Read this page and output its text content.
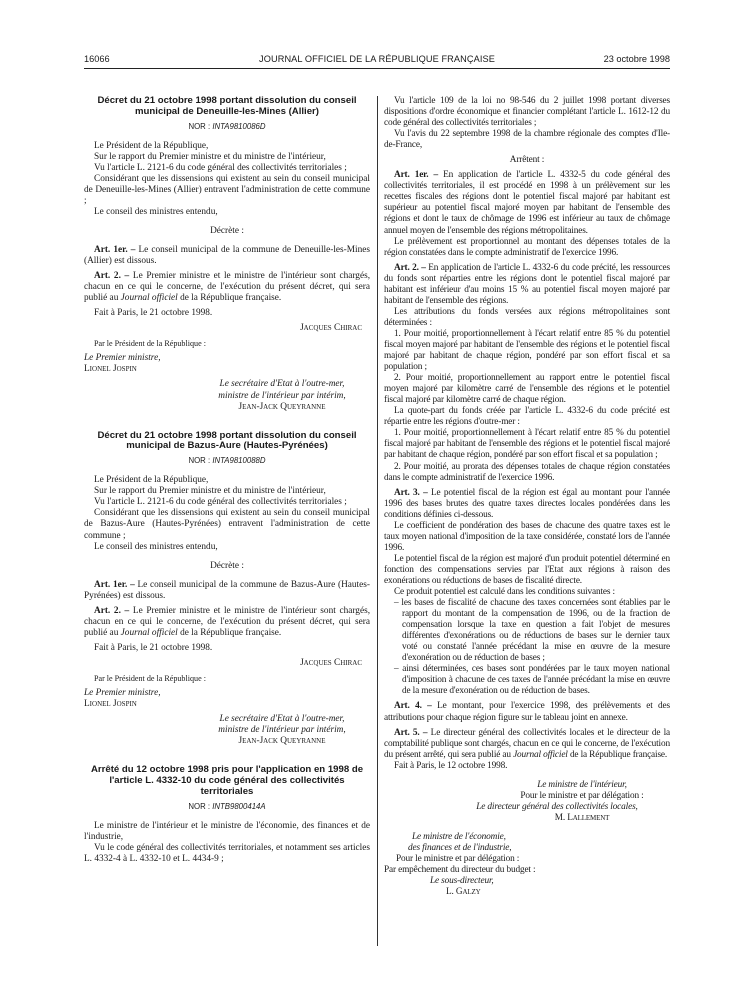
16066	JOURNAL OFFICIEL DE LA RÉPUBLIQUE FRANÇAISE	23 octobre 1998

Décret du 21 octobre 1998 portant dissolution du conseil municipal de Deneuille-les-Mines (Allier)

NOR : INTA9810086D

Le Président de la République,

Sur le rapport du Premier ministre et du ministre de l'intérieur,

Vu l'article L. 2121-6 du code général des collectivités territoriales ;

Considérant que les dissensions qui existent au sein du conseil municipal de Deneuille-les-Mines (Allier) entravent l'administration de cette commune ;

Le conseil des ministres entendu,

Décrète :

Art. 1er. – Le conseil municipal de la commune de Deneuille-les-Mines (Allier) est dissous.

Art. 2. – Le Premier ministre et le ministre de l'intérieur sont chargés, chacun en ce qui le concerne, de l'exécution du présent décret, qui sera publié au Journal officiel de la République française.

Fait à Paris, le 21 octobre 1998.

Jacques Chirac

Par le Président de la République :

Le Premier ministre,

Lionel Jospin

Le secrétaire d'Etat à l'outre-mer,

ministre de l'intérieur par intérim,

Jean-Jack Queyranne

Décret du 21 octobre 1998 portant dissolution du conseil municipal de Bazus-Aure (Hautes-Pyrénées)

NOR : INTA9810088D

Le Président de la République,

Sur le rapport du Premier ministre et du ministre de l'intérieur,

Vu l'article L. 2121-6 du code général des collectivités territoriales ;

Considérant que les dissensions qui existent au sein du conseil municipal de Bazus-Aure (Hautes-Pyrénées) entravent l'administration de cette commune ;

Le conseil des ministres entendu,

Décrète :

Art. 1er. – Le conseil municipal de la commune de Bazus-Aure (Hautes-Pyrénées) est dissous.

Art. 2. – Le Premier ministre et le ministre de l'intérieur sont chargés, chacun en ce qui le concerne, de l'exécution du présent décret, qui sera publié au Journal officiel de la République française.

Fait à Paris, le 21 octobre 1998.

Jacques Chirac

Par le Président de la République :

Le Premier ministre,

Lionel Jospin

Le secrétaire d'Etat à l'outre-mer,

ministre de l'intérieur par intérim,

Jean-Jack Queyranne

Arrêté du 12 octobre 1998 pris pour l'application en 1998 de l'article L. 4332-10 du code général des collectivités territoriales

NOR : INTB9800414A

Le ministre de l'intérieur et le ministre de l'économie, des finances et de l'industrie,

Vu le code général des collectivités territoriales, et notamment ses articles L. 4332-4 à L. 4332-10 et L. 4434-9 ;

Vu l'article 109 de la loi no 98-546 du 2 juillet 1998 portant diverses dispositions d'ordre économique et financier complétant l'article L. 1612-12 du code général des collectivités territoriales ;

Vu l'avis du 22 septembre 1998 de la chambre régionale des comptes d'Ile-de-France,

Arrêtent :

Art. 1er. – En application de l'article L. 4332-5 du code général des collectivités territoriales, il est procédé en 1998 à un prélèvement sur les recettes fiscales des régions dont le potentiel fiscal majoré par habitant est supérieur au potentiel fiscal majoré moyen par habitant de l'ensemble des régions et dont le taux de chômage de 1996 est inférieur au taux de chômage annuel moyen de l'ensemble des régions métropolitaines.

Le prélèvement est proportionnel au montant des dépenses totales de la région constatées dans le compte administratif de l'exercice 1996.

Art. 2. – En application de l'article L. 4332-6 du code précité, les ressources du fonds sont réparties entre les régions dont le potentiel fiscal majoré par habitant est inférieur d'au moins 15 % au potentiel fiscal moyen majoré par habitant de l'ensemble des régions.

Les attributions du fonds versées aux régions métropolitaines sont déterminées :

1. Pour moitié, proportionnellement à l'écart relatif entre 85 % du potentiel fiscal moyen majoré par habitant de l'ensemble des régions et le potentiel fiscal majoré par habitant de chaque région, pondéré par son effort fiscal et sa population ;

2. Pour moitié, proportionnellement au rapport entre le potentiel fiscal moyen majoré par kilomètre carré de l'ensemble des régions et le potentiel fiscal majoré par kilomètre carré de chaque région.

La quote-part du fonds créée par l'article L. 4332-6 du code précité est répartie entre les régions d'outre-mer :

1. Pour moitié, proportionnellement à l'écart relatif entre 85 % du potentiel fiscal majoré par habitant de l'ensemble des régions et le potentiel fiscal majoré par habitant de chaque région, pondéré par son effort fiscal et sa population ;

2. Pour moitié, au prorata des dépenses totales de chaque région constatées dans le compte administratif de l'exercice 1996.

Art. 3. – Le potentiel fiscal de la région est égal au montant pour l'année 1996 des bases brutes des quatre taxes directes locales pondérées dans les conditions définies ci-dessous.

Le coefficient de pondération des bases de chacune des quatre taxes est le taux moyen national d'imposition de la taxe considérée, constaté lors de l'année 1996.

Le potentiel fiscal de la région est majoré d'un produit potentiel déterminé en fonction des compensations servies par l'Etat aux régions à raison des exonérations ou réductions de bases de fiscalité directe.

Ce produit potentiel est calculé dans les conditions suivantes :

– les bases de fiscalité de chacune des taxes concernées sont établies par le rapport du montant de la compensation de 1996, ou de la fraction de compensation lorsque la taxe en question a fait l'objet de mesures différentes d'exonérations ou de réductions de bases sur le dernier taux voté ou constaté l'année précédant la mise en œuvre de la mesure d'exonération ou de réduction de bases ;

– ainsi déterminées, ces bases sont pondérées par le taux moyen national d'imposition à chacune de ces taxes de l'année précédant la mise en œuvre de la mesure d'exonération ou de réduction de bases.

Art. 4. – Le montant, pour l'exercice 1998, des prélèvements et des attributions pour chaque région figure sur le tableau joint en annexe.

Art. 5. – Le directeur général des collectivités locales et le directeur de la comptabilité publique sont chargés, chacun en ce qui le concerne, de l'exécution du présent arrêté, qui sera publié au Journal officiel de la République française.

Fait à Paris, le 12 octobre 1998.

Le ministre de l'intérieur,

Pour le ministre et par délégation :

Le directeur général des collectivités locales,

M. Lallement

Le ministre de l'économie,

des finances et de l'industrie,

Pour le ministre et par délégation :

Par empêchement du directeur du budget :

Le sous-directeur,

L. Galzy
